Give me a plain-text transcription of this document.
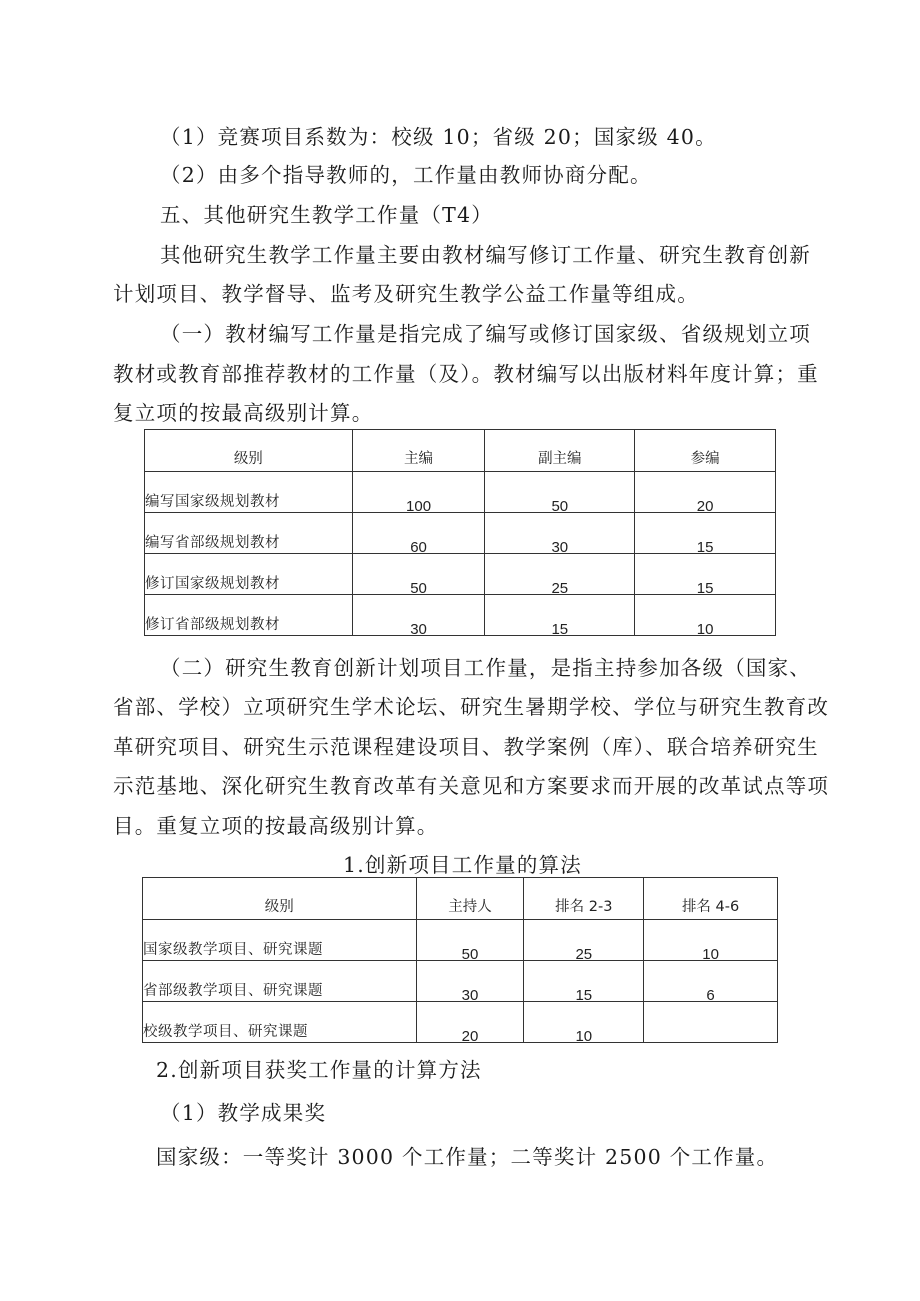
（1）竞赛项目系数为：校级 10；省级 20；国家级 40。
（2）由多个指导教师的，工作量由教师协商分配。
五、其他研究生教学工作量（T4）
其他研究生教学工作量主要由教材编写修订工作量、研究生教育创新
计划项目、教学督导、监考及研究生教学公益工作量等组成。
（一）教材编写工作量是指完成了编写或修订国家级、省级规划立项
教材或教育部推荐教材的工作量（及）。教材编写以出版材料年度计算；重
复立项的按最高级别计算。
级别	主编	副主编	参编
编写国家级规划教材	100	50	20
编写省部级规划教材	60	30	15
修订国家级规划教材	50	25	15
修订省部级规划教材	30	15	10
（二）研究生教育创新计划项目工作量，是指主持参加各级（国家、
省部、学校）立项研究生学术论坛、研究生暑期学校、学位与研究生教育改
革研究项目、研究生示范课程建设项目、教学案例（库）、联合培养研究生
示范基地、深化研究生教育改革有关意见和方案要求而开展的改革试点等项
目。重复立项的按最高级别计算。
1.创新项目工作量的算法
级别	主持人	排名 2-3	排名 4-6
国家级教学项目、研究课题	50	25	10
省部级教学项目、研究课题	30	15	6
校级教学项目、研究课题	20	10	
2.创新项目获奖工作量的计算方法
（1）教学成果奖
国家级：一等奖计 3000 个工作量；二等奖计 2500 个工作量。
